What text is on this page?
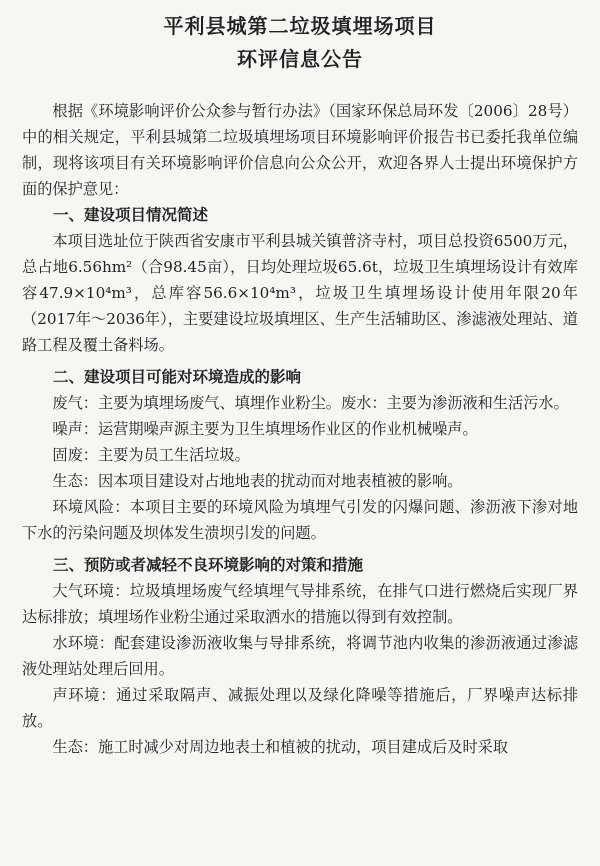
平利县城第二垃圾填埋场项目
环评信息公告

根据《环境影响评价公众参与暂行办法》（国家环保总局环发〔2006〕28号）中的相关规定，平利县城第二垃圾填埋场项目环境影响评价报告书已委托我单位编制，现将该项目有关环境影响评价信息向公众公开，欢迎各界人士提出环境保护方面的保护意见：

一、建设项目情况简述

本项目选址位于陕西省安康市平利县城关镇普济寺村，项目总投资6500万元，总占地6.56hm²（合98.45亩），日均处理垃圾65.6t，垃圾卫生填埋场设计有效库容47.9×10⁴m³，总库容56.6×10⁴m³，垃圾卫生填埋场设计使用年限20年（2017年～2036年），主要建设垃圾填埋区、生产生活辅助区、渗滤液处理站、道路工程及覆土备料场。

二、建设项目可能对环境造成的影响

废气：主要为填埋场废气、填埋作业粉尘。废水：主要为渗沥液和生活污水。

噪声：运营期噪声源主要为卫生填埋场作业区的作业机械噪声。

固废：主要为员工生活垃圾。

生态：因本项目建设对占地地表的扰动而对地表植被的影响。

环境风险：本项目主要的环境风险为填埋气引发的闪爆问题、渗沥液下渗对地下水的污染问题及坝体发生溃坝引发的问题。

三、预防或者减轻不良环境影响的对策和措施

大气环境：垃圾填埋场废气经填埋气导排系统，在排气口进行燃烧后实现厂界达标排放；填埋场作业粉尘通过采取洒水的措施以得到有效控制。

水环境：配套建设渗沥液收集与导排系统，将调节池内收集的渗沥液通过渗滤液处理站处理后回用。

声环境：通过采取隔声、减振处理以及绿化降噪等措施后，厂界噪声达标排放。

生态：施工时减少对周边地表土和植被的扰动，项目建成后及时采取
